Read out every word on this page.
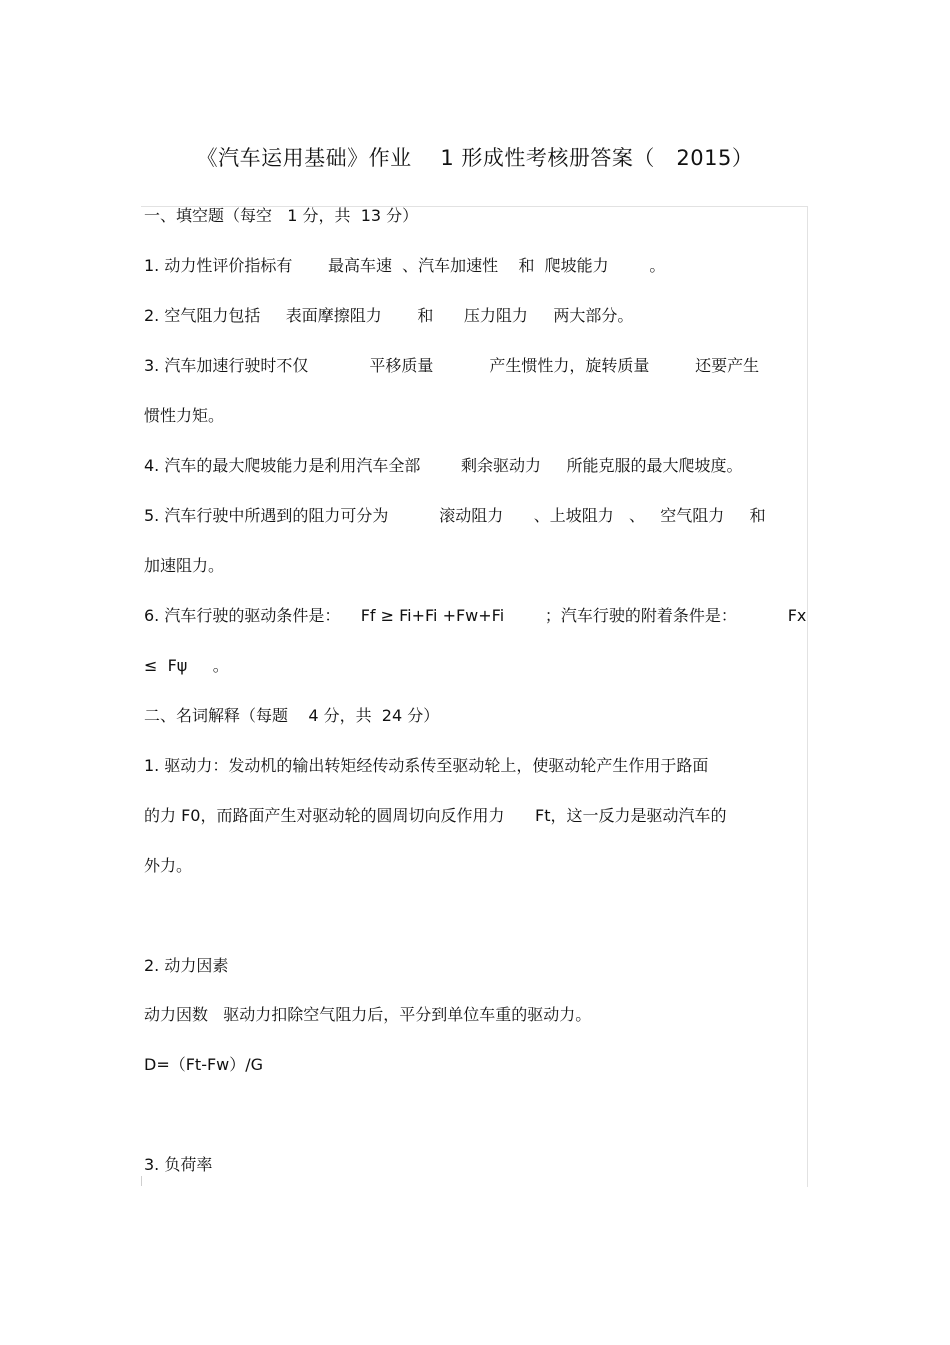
《汽车运用基础》作业    1 形成性考核册答案（   2015）
一、填空题（每空   1 分，共  13 分）
1. 动力性评价指标有       最高车速  、汽车加速性    和  爬坡能力        。
2. 空气阻力包括     表面摩擦阻力       和      压力阻力     两大部分。
3. 汽车加速行驶时不仅            平移质量           产生惯性力，旋转质量         还要产生
惯性力矩。
4. 汽车的最大爬坡能力是利用汽车全部        剩余驱动力     所能克服的最大爬坡度。
5. 汽车行驶中所遇到的阻力可分为          滚动阻力      、上坡阻力   、   空气阻力     和
加速阻力。
6. 汽车行驶的驱动条件是：    Ff ≥ Fi+Fi +Fw+Fi        ；汽车行驶的附着条件是：          Fx
≤  Fψ     。
二、名词解释（每题    4 分，共  24 分）
1. 驱动力：发动机的输出转矩经传动系传至驱动轮上，使驱动轮产生作用于路面
的力 F0，而路面产生对驱动轮的圆周切向反作用力      Ft，这一反力是驱动汽车的
外力。
2. 动力因素
动力因数   驱动力扣除空气阻力后，平分到单位车重的驱动力。
D=（Ft-Fw）/G
3. 负荷率
